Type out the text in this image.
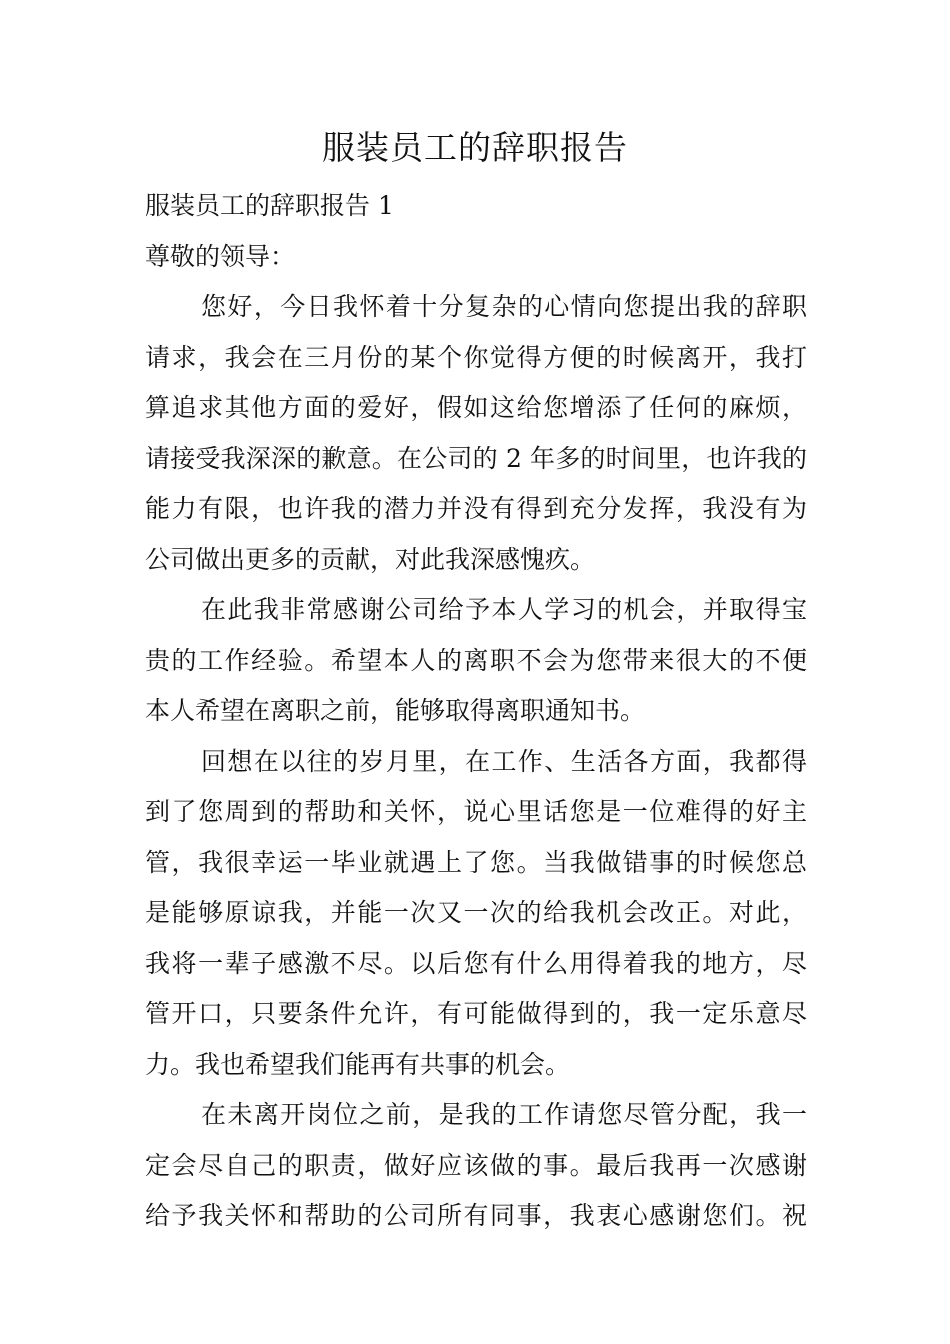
服装员工的辞职报告
服装员工的辞职报告 1
尊敬的领导：
您好，今日我怀着十分复杂的心情向您提出我的辞职
请求，我会在三月份的某个你觉得方便的时候离开，我打
算追求其他方面的爱好，假如这给您增添了任何的麻烦，
请接受我深深的歉意。在公司的 2 年多的时间里，也许我的
能力有限，也许我的潜力并没有得到充分发挥，我没有为
公司做出更多的贡献，对此我深感愧疚。
在此我非常感谢公司给予本人学习的机会，并取得宝
贵的工作经验。希望本人的离职不会为您带来很大的不便
本人希望在离职之前，能够取得离职通知书。
回想在以往的岁月里，在工作、生活各方面，我都得
到了您周到的帮助和关怀，说心里话您是一位难得的好主
管，我很幸运一毕业就遇上了您。当我做错事的时候您总
是能够原谅我，并能一次又一次的给我机会改正。对此，
我将一辈子感激不尽。以后您有什么用得着我的地方，尽
管开口，只要条件允许，有可能做得到的，我一定乐意尽
力。我也希望我们能再有共事的机会。
在未离开岗位之前，是我的工作请您尽管分配，我一
定会尽自己的职责，做好应该做的事。最后我再一次感谢
给予我关怀和帮助的公司所有同事，我衷心感谢您们。祝
